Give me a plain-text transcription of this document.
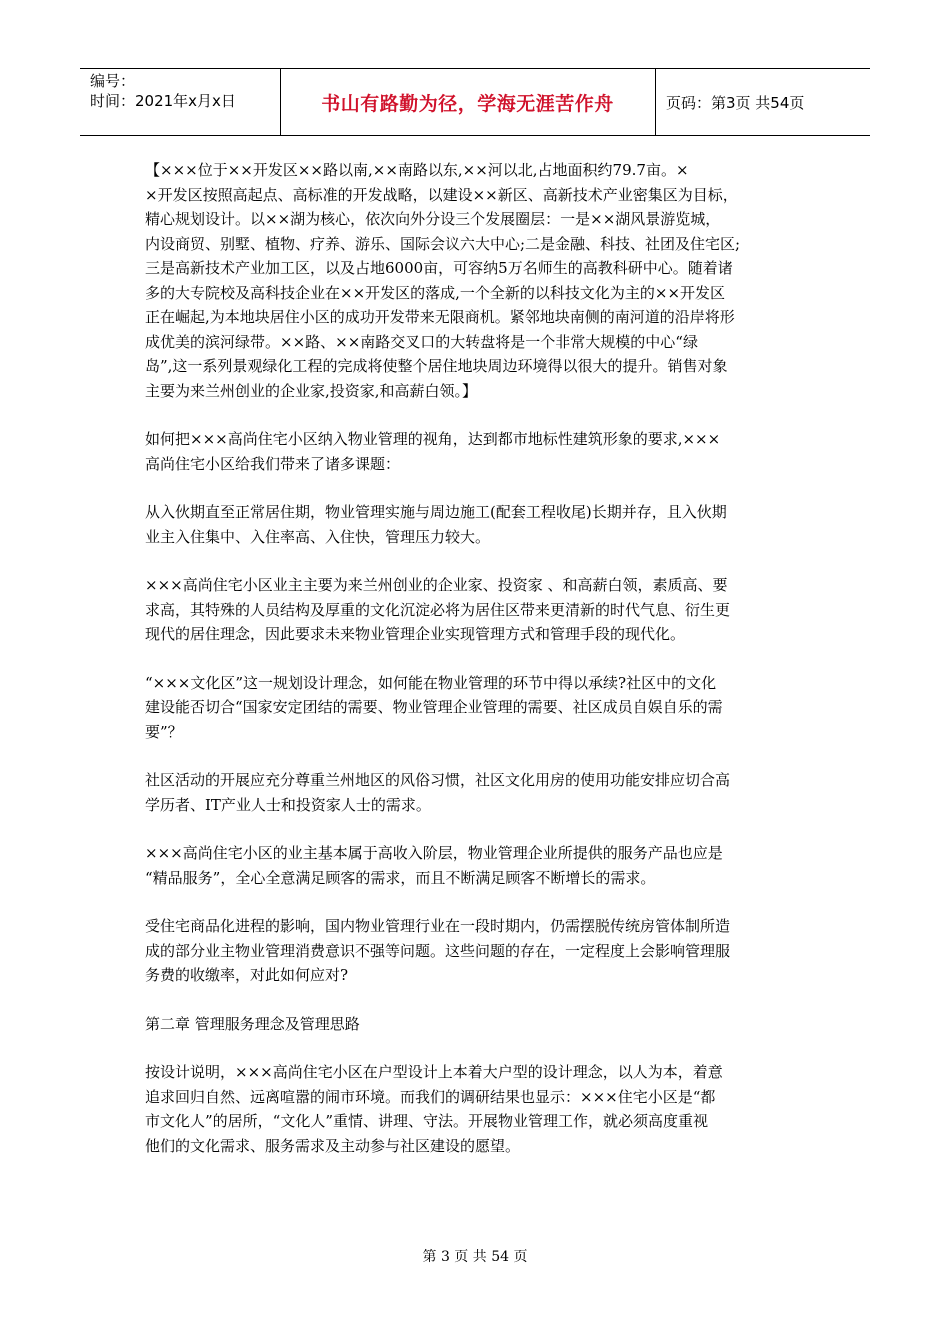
编号：
时间：2021年x月x日	书山有路勤为径，学海无涯苦作舟	页码：第3页 共54页

【×××位于××开发区××路以南,××南路以东,××河以北,占地面积约79.7亩。×
×开发区按照高起点、高标准的开发战略，以建设××新区、高新技术产业密集区为目标，
精心规划设计。以××湖为核心，依次向外分设三个发展圈层：一是××湖风景游览城，
内设商贸、别墅、植物、疗养、游乐、国际会议六大中心;二是金融、科技、社团及住宅区;
三是高新技术产业加工区，以及占地6000亩，可容纳5万名师生的高教科研中心。随着诸
多的大专院校及高科技企业在××开发区的落成,一个全新的以科技文化为主的××开发区
正在崛起,为本地块居住小区的成功开发带来无限商机。紧邻地块南侧的南河道的沿岸将形
成优美的滨河绿带。××路、××南路交叉口的大转盘将是一个非常大规模的中心“绿
岛”,这一系列景观绿化工程的完成将使整个居住地块周边环境得以很大的提升。销售对象
主要为来兰州创业的企业家,投资家,和高薪白领。】

如何把×××高尚住宅小区纳入物业管理的视角，达到都市地标性建筑形象的要求,×××
高尚住宅小区给我们带来了诸多课题：

从入伙期直至正常居住期，物业管理实施与周边施工(配套工程收尾)长期并存，且入伙期
业主入住集中、入住率高、入住快，管理压力较大。

×××高尚住宅小区业主主要为来兰州创业的企业家、投资家 、和高薪白领，素质高、要
求高，其特殊的人员结构及厚重的文化沉淀必将为居住区带来更清新的时代气息、衍生更
现代的居住理念，因此要求未来物业管理企业实现管理方式和管理手段的现代化。

“×××文化区”这一规划设计理念，如何能在物业管理的环节中得以承续?社区中的文化
建设能否切合“国家安定团结的需要、物业管理企业管理的需要、社区成员自娱自乐的需
要”？

社区活动的开展应充分尊重兰州地区的风俗习惯，社区文化用房的使用功能安排应切合高
学历者、IT产业人士和投资家人士的需求。

×××高尚住宅小区的业主基本属于高收入阶层，物业管理企业所提供的服务产品也应是
“精品服务”，全心全意满足顾客的需求，而且不断满足顾客不断增长的需求。

受住宅商品化进程的影响，国内物业管理行业在一段时期内，仍需摆脱传统房管体制所造
成的部分业主物业管理消费意识不强等问题。这些问题的存在，一定程度上会影响管理服
务费的收缴率，对此如何应对?

第二章 管理服务理念及管理思路

按设计说明，×××高尚住宅小区在户型设计上本着大户型的设计理念，以人为本，着意
追求回归自然、远离喧嚣的闹市环境。而我们的调研结果也显示：×××住宅小区是“都
市文化人”的居所，“文化人”重情、讲理、守法。开展物业管理工作，就必须高度重视
他们的文化需求、服务需求及主动参与社区建设的愿望。

第 3 页 共 54 页
